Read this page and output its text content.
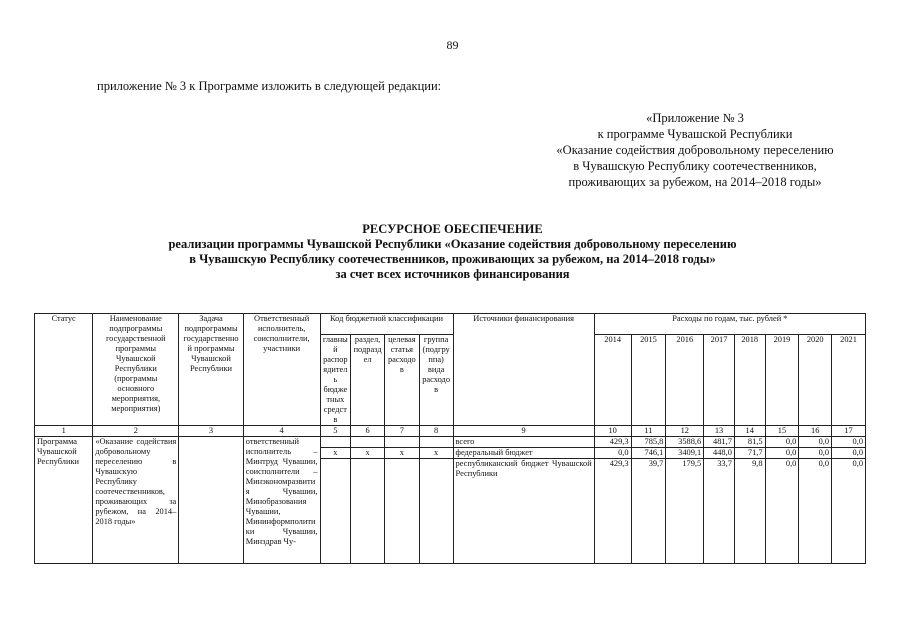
89
приложение № 3 к Программе изложить в следующей редакции:
«Приложение № 3
к программе Чувашской Республики
«Оказание содействия добровольному переселению
в Чувашскую Республику соотечественников,
проживающих за рубежом, на 2014–2018 годы»
РЕСУРСНОЕ ОБЕСПЕЧЕНИЕ
реализации программы Чувашской Республики «Оказание содействия добровольному переселению
в Чувашскую Республику соотечественников, проживающих за рубежом, на 2014–2018 годы»
за счет всех источников финансирования
Статус	Наименование подпрограммы государственной программы Чувашской Республики (программы основного мероприятия, мероприятия)	Задача подпрограммы государственной программы Чувашской Республики	Ответственный исполнитель, соисполнители, участники	Код бюджетной классификации				Источники финансирования	Расходы по годам, тыс. рублей *							
				главный распорядитель бюджетных средств	раздел, подраздел	целевая статья расходов	группа (подгруппа) вида расходов		2014	2015	2016	2017	2018	2019	2020	2021
1	2	3	4	5	6	7	8	9	10	11	12	13	14	15	16	17
Программа Чувашской Республики	«Оказание содействия добровольному переселению в Чувашскую Республику соотечественников, проживающих за рубежом, на 2014–2018 годы»		ответственный исполнитель – Минтруд Чувашии, соисполнители – Минэкономразвития Чувашии, Минобразования Чувашии, Мининформполитики Чувашии, Минздрав Чу-					всего	429,3	785,8	3588,6	481,7	81,5	0,0	0,0	0,0
				х	х	х	х	федеральный бюджет	0,0	746,1	3409,1	448,0	71,7	0,0	0,0	0,0
								республиканский бюджет Чувашской Республики	429,3	39,7	179,5	33,7	9,8	0,0	0,0	0,0
